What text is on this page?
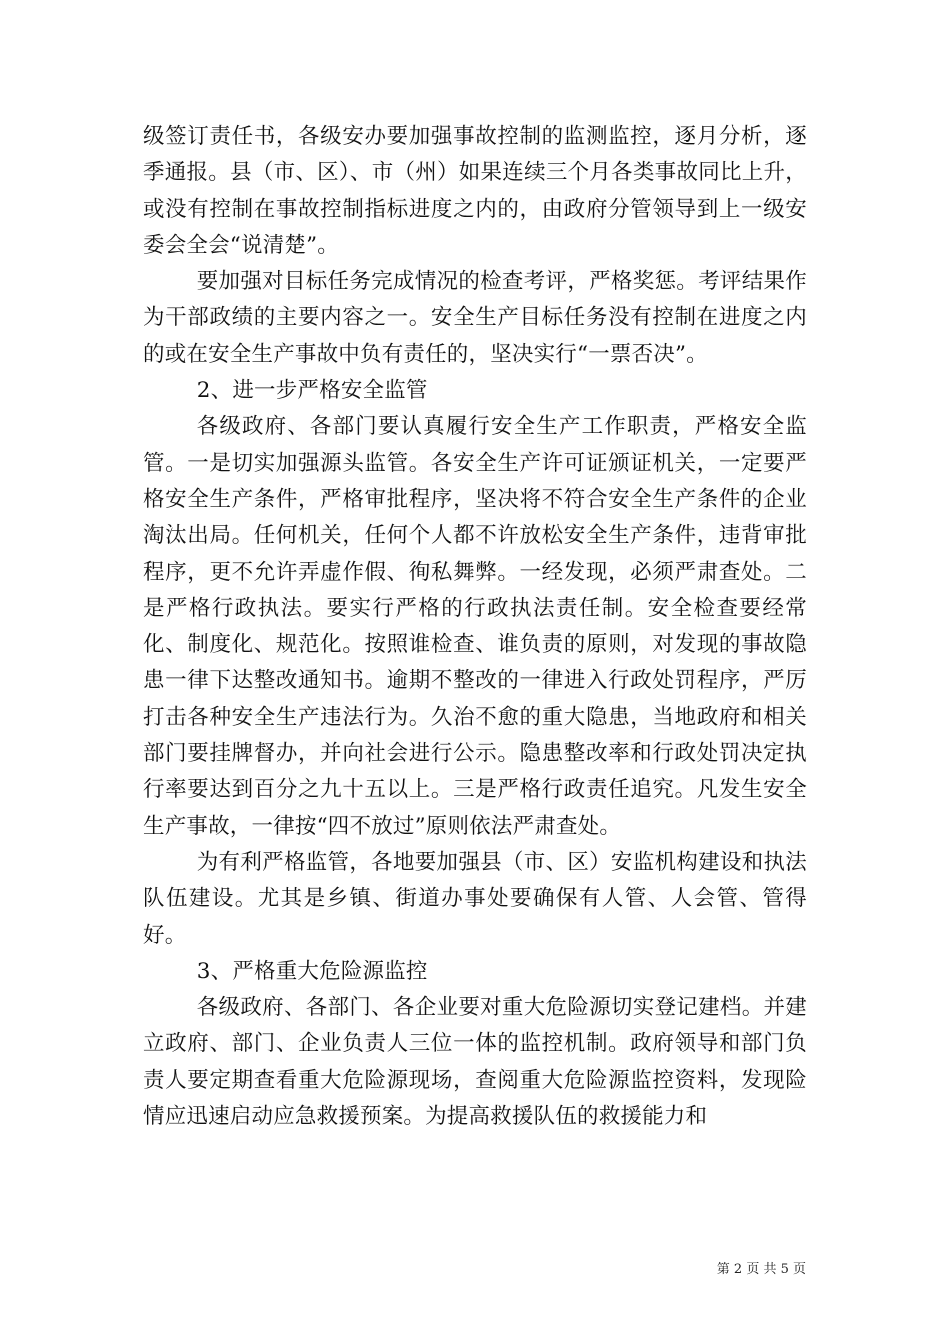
级签订责任书，各级安办要加强事故控制的监测监控，逐月分析，逐季通报。县（市、区）、市（州）如果连续三个月各类事故同比上升，或没有控制在事故控制指标进度之内的，由政府分管领导到上一级安委会全会“说清楚”。

要加强对目标任务完成情况的检查考评，严格奖惩。考评结果作为干部政绩的主要内容之一。安全生产目标任务没有控制在进度之内的或在安全生产事故中负有责任的，坚决实行“一票否决”。

2、进一步严格安全监管

各级政府、各部门要认真履行安全生产工作职责，严格安全监管。一是切实加强源头监管。各安全生产许可证颁证机关，一定要严格安全生产条件，严格审批程序，坚决将不符合安全生产条件的企业淘汰出局。任何机关，任何个人都不许放松安全生产条件，违背审批程序，更不允许弄虚作假、徇私舞弊。一经发现，必须严肃查处。二是严格行政执法。要实行严格的行政执法责任制。安全检查要经常化、制度化、规范化。按照谁检查、谁负责的原则，对发现的事故隐患一律下达整改通知书。逾期不整改的一律进入行政处罚程序，严厉打击各种安全生产违法行为。久治不愈的重大隐患，当地政府和相关部门要挂牌督办，并向社会进行公示。隐患整改率和行政处罚决定执行率要达到百分之九十五以上。三是严格行政责任追究。凡发生安全生产事故，一律按“四不放过”原则依法严肃查处。

为有利严格监管，各地要加强县（市、区）安监机构建设和执法队伍建设。尤其是乡镇、街道办事处要确保有人管、人会管、管得好。

3、严格重大危险源监控

各级政府、各部门、各企业要对重大危险源切实登记建档。并建立政府、部门、企业负责人三位一体的监控机制。政府领导和部门负责人要定期查看重大危险源现场，查阅重大危险源监控资料，发现险情应迅速启动应急救援预案。为提高救援队伍的救援能力和

第 2 页 共 5 页
